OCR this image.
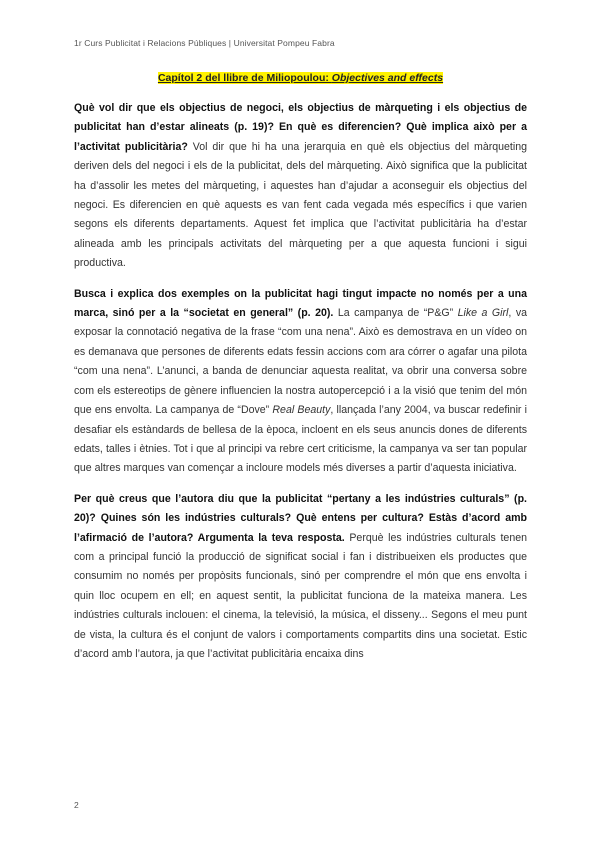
1r Curs Publicitat i Relacions Públiques | Universitat Pompeu Fabra
Capítol 2 del llibre de Miliopoulou: Objectives and effects

Què vol dir que els objectius de negoci, els objectius de màrqueting i els objectius de publicitat han d’estar alineats (p. 19)? En què es diferencien? Què implica això per a l’activitat publicitària? Vol dir que hi ha una jerarquia en què els objectius del màrqueting deriven dels del negoci i els de la publicitat, dels del màrqueting. Això significa que la publicitat ha d’assolir les metes del màrqueting, i aquestes han d’ajudar a aconseguir els objectius del negoci. Es diferencien en què aquests es van fent cada vegada més específics i que varien segons els diferents departaments. Aquest fet implica que l’activitat publicitària ha d’estar alineada amb les principals activitats del màrqueting per a que aquesta funcioni i sigui productiva.

Busca i explica dos exemples on la publicitat hagi tingut impacte no només per a una marca, sinó per a la “societat en general” (p. 20). La campanya de “P&G” Like a Girl, va exposar la connotació negativa de la frase “com una nena”. Això es demostrava en un vídeo on es demanava que persones de diferents edats fessin accions com ara córrer o agafar una pilota “com una nena”. L’anunci, a banda de denunciar aquesta realitat, va obrir una conversa sobre com els estereotips de gènere influencien la nostra autopercepció i a la visió que tenim del món que ens envolta. La campanya de “Dove” Real Beauty, llançada l’any 2004, va buscar redefinir i desafiar els estàndards de bellesa de la època, incloent en els seus anuncis dones de diferents edats, talles i ètnies. Tot i que al principi va rebre cert criticisme, la campanya va ser tan popular que altres marques van començar a incloure models més diverses a partir d’aquesta iniciativa.

Per què creus que l’autora diu que la publicitat “pertany a les indústries culturals” (p. 20)? Quines són les indústries culturals? Què entens per cultura? Estàs d’acord amb l’afirmació de l’autora? Argumenta la teva resposta. Perquè les indústries culturals tenen com a principal funció la producció de significat social i fan i distribueixen els productes que consumim no només per propòsits funcionals, sinó per comprendre el món que ens envolta i quin lloc ocupem en ell; en aquest sentit, la publicitat funciona de la mateixa manera. Les indústries culturals inclouen: el cinema, la televisió, la música, el disseny... Segons el meu punt de vista, la cultura és el conjunt de valors i comportaments compartits dins una societat. Estic d’acord amb l’autora, ja que l’activitat publicitària encaixa dins

2
